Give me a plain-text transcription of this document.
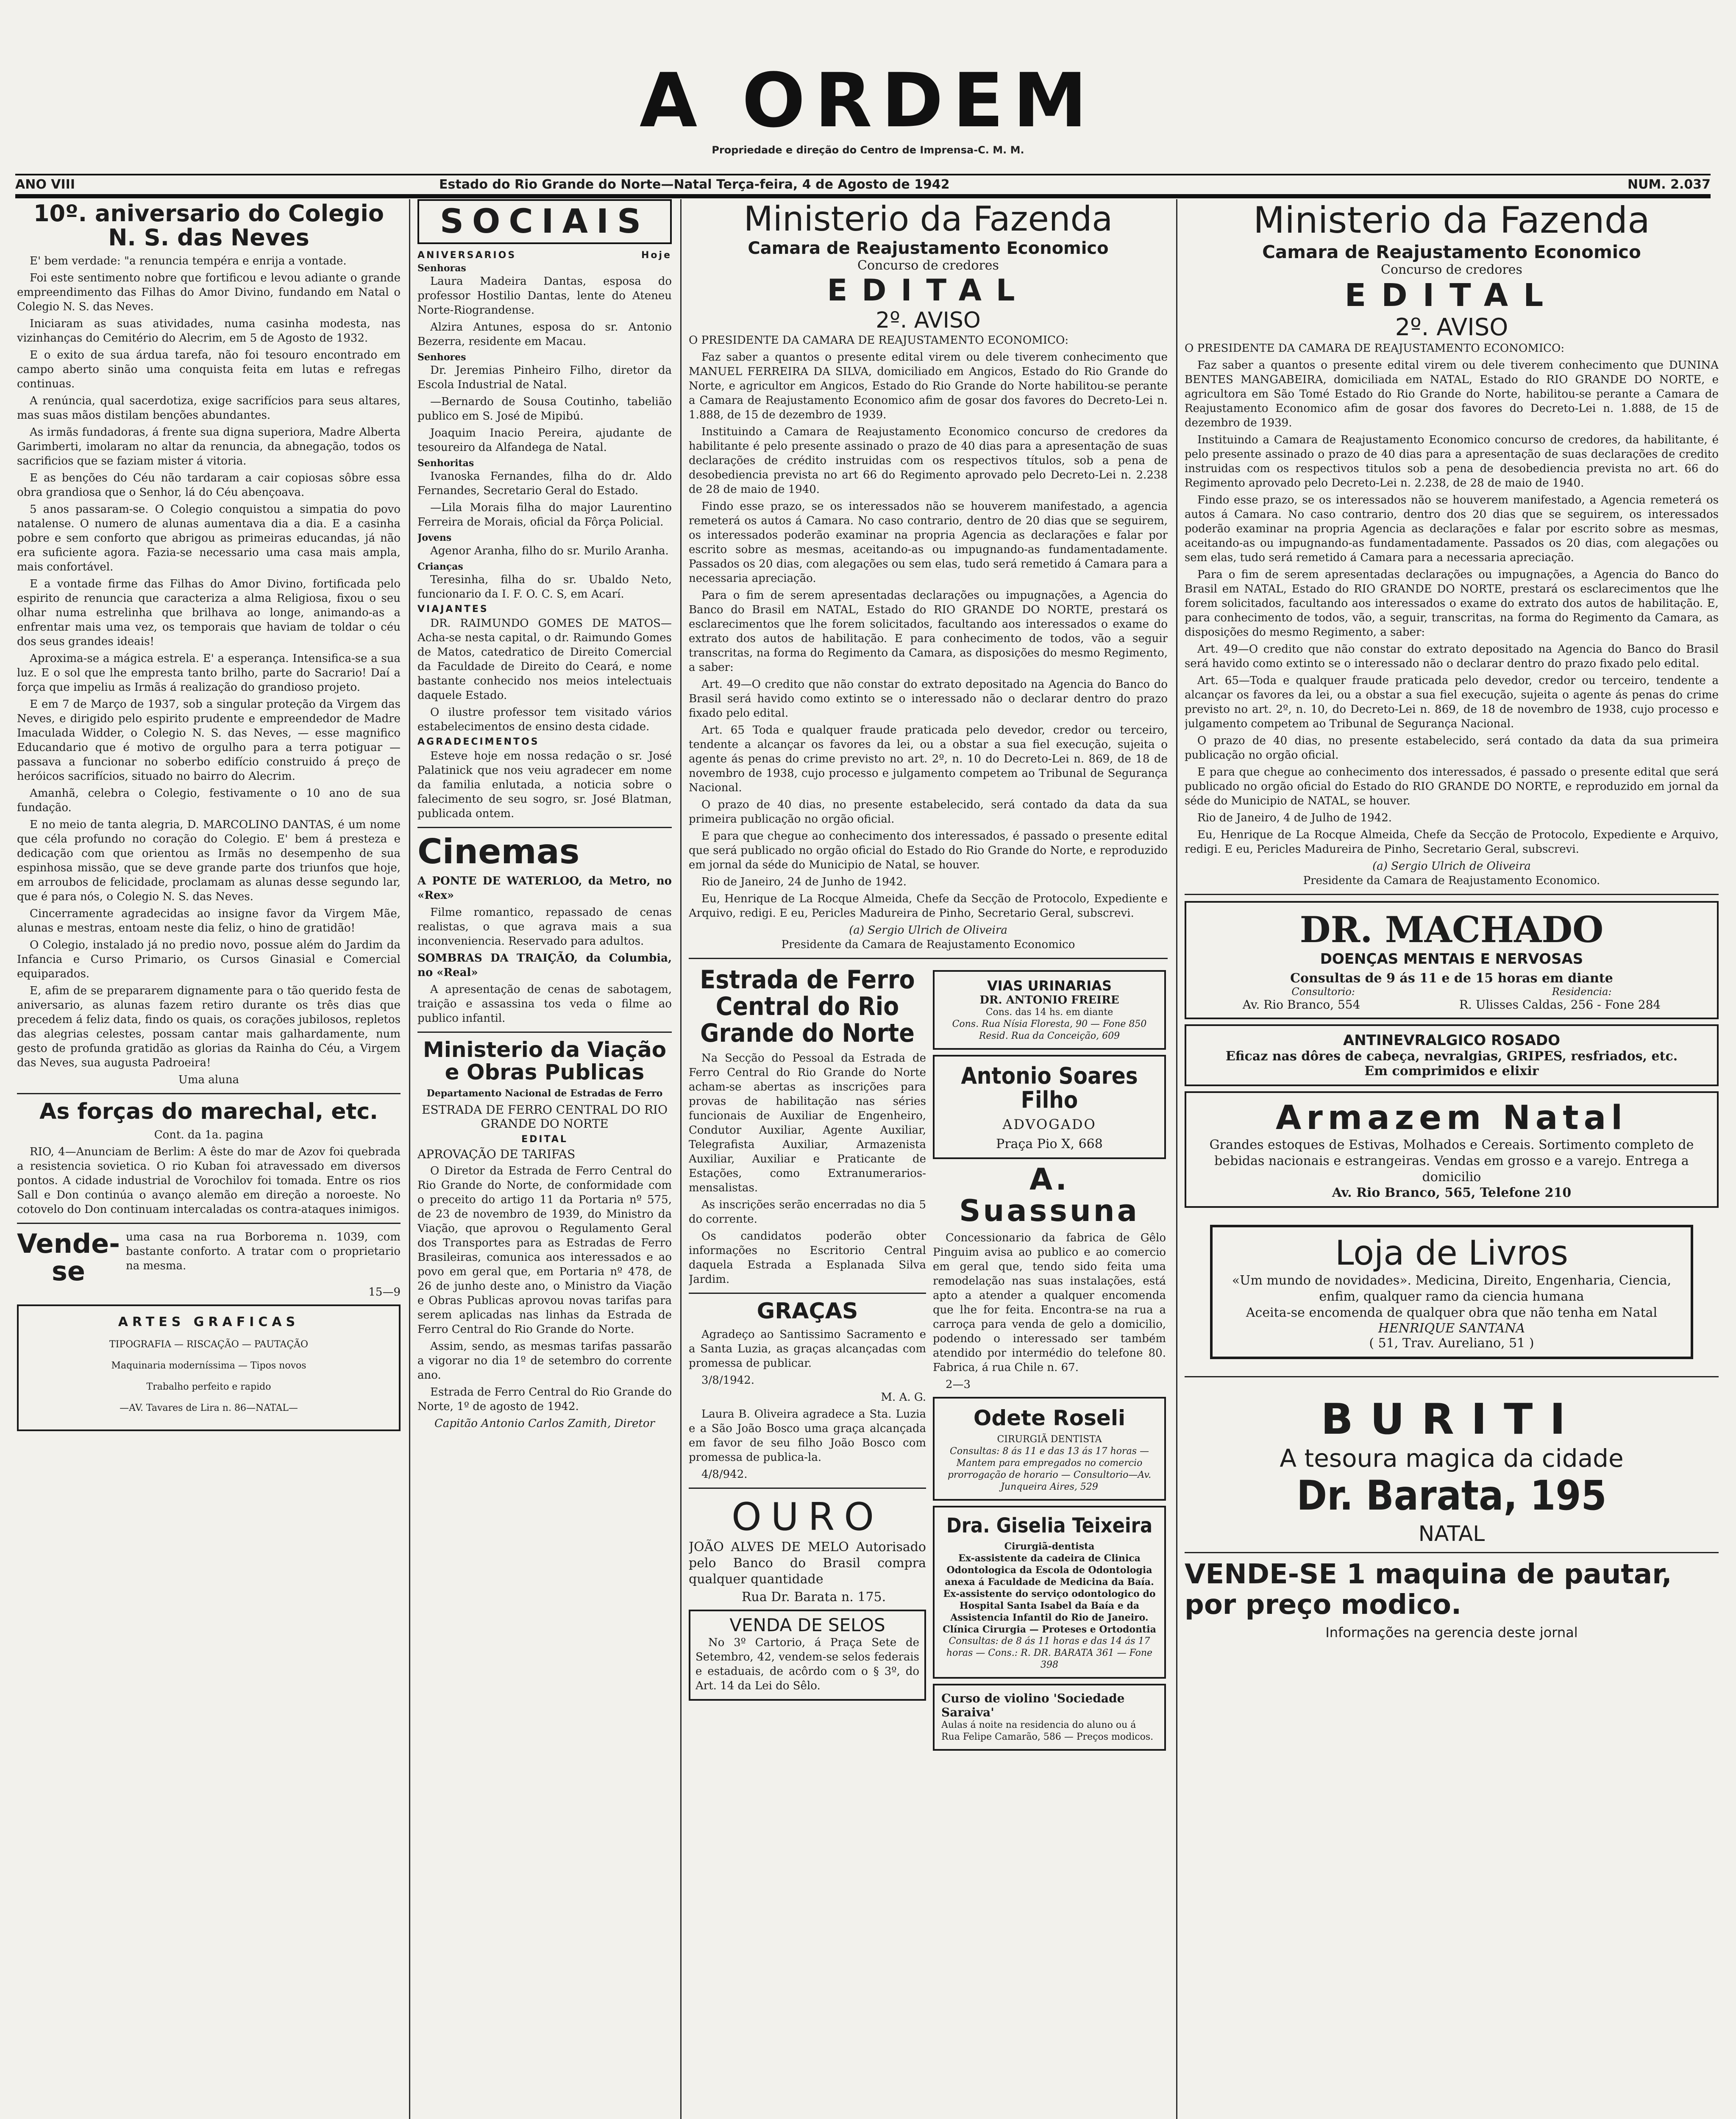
A ORDEM
Propriedade e direção do Centro de Imprensa-C. M. M.
ANO VIII	Estado do Rio Grande do Norte—Natal Terça-feira, 4 de Agosto de 1942	NUM. 2.037
10º. aniversario do Colegio N. S. das Neves

E' bem verdade: "a renuncia tempéra e enrija a vontade.

Foi este sentimento nobre que fortificou e levou adiante o grande empreendimento das Filhas do Amor Divino, fundando em Natal o Colegio N. S. das Neves.

Iniciaram as suas atividades, numa casinha modesta, nas vizinhanças do Cemitério do Alecrim, em 5 de Agosto de 1932.

E o exito de sua árdua tarefa, não foi tesouro encontrado em campo aberto sinão uma conquista feita em lutas e refregas continuas.

A renúncia, qual sacerdotiza, exige sacrifícios para seus altares, mas suas mãos distilam benções abundantes.

As irmãs fundadoras, á frente sua digna superiora, Madre Alberta Garimberti, imolaram no altar da renuncia, da abnegação, todos os sacrificios que se faziam mister á vitoria.

E as benções do Céu não tardaram a cair copiosas sôbre essa obra grandiosa que o Senhor, lá do Céu abençoava.

5 anos passaram-se. O Colegio conquistou a simpatia do povo natalense. O numero de alunas aumentava dia a dia. E a casinha pobre e sem conforto que abrigou as primeiras educandas, já não era suficiente agora. Fazia-se necessario uma casa mais ampla, mais confortável.

E a vontade firme das Filhas do Amor Divino, fortificada pelo espirito de renuncia que caracteriza a alma Religiosa, fixou o seu olhar numa estrelinha que brilhava ao longe, animando-as a enfrentar mais uma vez, os temporais que haviam de toldar o céu dos seus grandes ideais!

Aproxima-se a mágica estrela. E' a esperança. Intensifica-se a sua luz. E o sol que lhe empresta tanto brilho, parte do Sacrario! Daí a força que impeliu as Irmãs á realização do grandioso projeto.

E em 7 de Março de 1937, sob a singular proteção da Virgem das Neves, e dirigido pelo espirito prudente e empreendedor de Madre Imaculada Widder, o Colegio N. S. das Neves, — esse magnifico Educandario que é motivo de orgulho para a terra potiguar — passava a funcionar no soberbo edifício construido á preço de heróicos sacrifícios, situado no bairro do Alecrim.

Amanhã, celebra o Colegio, festivamente o 10 ano de sua fundação.

E no meio de tanta alegria, D. MARCOLINO DANTAS, é um nome que céla profundo no coração do Colegio. E' bem á presteza e dedicação com que orientou as Irmãs no desempenho de sua espinhosa missão, que se deve grande parte dos triunfos que hoje, em arroubos de felicidade, proclamam as alunas desse segundo lar, que é para nós, o Colegio N. S. das Neves.

Cincerramente agradecidas ao insigne favor da Virgem Mãe, alunas e mestras, entoam neste dia feliz, o hino de gratidão!

O Colegio, instalado já no predio novo, possue além do Jardim da Infancia e Curso Primario, os Cursos Ginasial e Comercial equiparados.

E, afim de se prepararem dignamente para o tão querido festa de aniversario, as alunas fazem retiro durante os três dias que precedem á feliz data, findo os quais, os corações jubilosos, repletos das alegrias celestes, possam cantar mais galhardamente, num gesto de profunda gratidão as glorias da Rainha do Céu, a Virgem das Neves, sua augusta Padroeira!

Uma aluna

As forças do marechal, etc.

Cont. da 1a. pagina

RIO, 4—Anunciam de Berlim: A êste do mar de Azov foi quebrada a resistencia sovietica. O rio Kuban foi atravessado em diversos pontos. A cidade industrial de Vorochilov foi tomada. Entre os rios Sall e Don continúa o avanço alemão em direção a noroeste. No cotovelo do Don continuam intercaladas os contra-ataques inimigos.

Vende-se

uma casa na rua Borborema n. 1039, com bastante conforto. A tratar com o proprietario na mesma.

15—9

ARTES GRAFICAS

TIPOGRAFIA — RISCAÇÃO — PAUTAÇÃO

Maquinaria moderníssima — Tipos novos

Trabalho perfeito e rapido

—AV. Tavares de Lira n. 86—NATAL—

SOCIAIS
ANIVERSARIOS	Hoje
Senhoras

Laura Madeira Dantas, esposa do professor Hostilio Dantas, lente do Ateneu Norte-Riograndense.

Alzira Antunes, esposa do sr. Antonio Bezerra, residente em Macau.

Senhores

Dr. Jeremias Pinheiro Filho, diretor da Escola Industrial de Natal.

—Bernardo de Sousa Coutinho, tabelião publico em S. José de Mipibú.

Joaquim Inacio Pereira, ajudante de tesoureiro da Alfandega de Natal.

Senhoritas

Ivanoska Fernandes, filha do dr. Aldo Fernandes, Secretario Geral do Estado.

—Lila Morais filha do major Laurentino Ferreira de Morais, oficial da Fôrça Policial.

Jovens

Agenor Aranha, filho do sr. Murilo Aranha.

Crianças

Teresinha, filha do sr. Ubaldo Neto, funcionario da I. F. O. C. S, em Acarí.

VIAJANTES

DR. RAIMUNDO GOMES DE MATOS—Acha-se nesta capital, o dr. Raimundo Gomes de Matos, catedratico de Direito Comercial da Faculdade de Direito do Ceará, e nome bastante conhecido nos meios intelectuais daquele Estado.

O ilustre professor tem visitado vários estabelecimentos de ensino desta cidade.

AGRADECIMENTOS

Esteve hoje em nossa redação o sr. José Palatinick que nos veiu agradecer em nome da familia enlutada, a noticia sobre o falecimento de seu sogro, sr. José Blatman, publicada ontem.

Cinemas

A PONTE DE WATERLOO, da Metro, no «Rex»

Filme romantico, repassado de cenas realistas, o que agrava mais a sua inconveniencia. Reservado para adultos.

SOMBRAS DA TRAIÇÃO, da Columbia, no «Real»

A apresentação de cenas de sabotagem, traição e assassina tos veda o filme ao publico infantil.

Ministerio da Viação e Obras Publicas
Departamento Nacional de Estradas de Ferro
ESTRADA DE FERRO CENTRAL DO RIO GRANDE DO NORTE
EDITAL
APROVAÇÃO DE TARIFAS

O Diretor da Estrada de Ferro Central do Rio Grande do Norte, de conformidade com o preceito do artigo 11 da Portaria nº 575, de 23 de novembro de 1939, do Ministro da Viação, que aprovou o Regulamento Geral dos Transportes para as Estradas de Ferro Brasileiras, comunica aos interessados e ao povo em geral que, em Portaria nº 478, de 26 de junho deste ano, o Ministro da Viação e Obras Publicas aprovou novas tarifas para serem aplicadas nas linhas da Estrada de Ferro Central do Rio Grande do Norte.

Assim, sendo, as mesmas tarifas passarão a vigorar no dia 1º de setembro do corrente ano.

Estrada de Ferro Central do Rio Grande do Norte, 1º de agosto de 1942.

Capitão Antonio Carlos Zamith, Diretor

Ministerio da Fazenda
Camara de Reajustamento Economico
Concurso de credores
EDITAL
2º. AVISO

O PRESIDENTE DA CAMARA DE REAJUSTAMENTO ECONOMICO:

Faz saber a quantos o presente edital virem ou dele tiverem conhecimento que MANUEL FERREIRA DA SILVA, domiciliado em Angicos, Estado do Rio Grande do Norte, e agricultor em Angicos, Estado do Rio Grande do Norte habilitou-se perante a Camara de Reajustamento Economico afim de gosar dos favores do Decreto-Lei n. 1.888, de 15 de dezembro de 1939.

Instituindo a Camara de Reajustamento Economico concurso de credores da habilitante é pelo presente assinado o prazo de 40 dias para a apresentação de suas declarações de crédito instruidas com os respectivos títulos, sob a pena de desobediencia prevista no art 66 do Regimento aprovado pelo Decreto-Lei n. 2.238 de 28 de maio de 1940.

Findo esse prazo, se os interessados não se houverem manifestado, a agencia remeterá os autos á Camara. No caso contrario, dentro de 20 dias que se seguirem, os interessados poderão examinar na propria Agencia as declarações e falar por escrito sobre as mesmas, aceitando-as ou impugnando-as fundamentadamente. Passados os 20 dias, com alegações ou sem elas, tudo será remetido á Camara para a necessaria apreciação.

Para o fim de serem apresentadas declarações ou impugnações, a Agencia do Banco do Brasil em NATAL, Estado do RIO GRANDE DO NORTE, prestará os esclarecimentos que lhe forem solicitados, facultando aos interessados o exame do extrato dos autos de habilitação. E para conhecimento de todos, vão a seguir transcritas, na forma do Regimento da Camara, as disposições do mesmo Regimento, a saber:

Art. 49—O credito que não constar do extrato depositado na Agencia do Banco do Brasil será havido como extinto se o interessado não o declarar dentro do prazo fixado pelo edital.

Art. 65 Toda e qualquer fraude praticada pelo devedor, credor ou terceiro, tendente a alcançar os favores da lei, ou a obstar a sua fiel execução, sujeita o agente ás penas do crime previsto no art. 2º, n. 10 do Decreto-Lei n. 869, de 18 de novembro de 1938, cujo processo e julgamento competem ao Tribunal de Segurança Nacional.

O prazo de 40 dias, no presente estabelecido, será contado da data da sua primeira publicação no orgão oficial.

E para que chegue ao conhecimento dos interessados, é passado o presente edital que será publicado no orgão oficial do Estado do Rio Grande do Norte, e reproduzido em jornal da séde do Municipio de Natal, se houver.

Rio de Janeiro, 24 de Junho de 1942.

Eu, Henrique de La Rocque Almeida, Chefe da Secção de Protocolo, Expediente e Arquivo, redigi. E eu, Pericles Madureira de Pinho, Secretario Geral, subscrevi.

(a) Sergio Ulrich de Oliveira

Presidente da Camara de Reajustamento Economico

Estrada de Ferro Central do Rio Grande do Norte

Na Secção do Pessoal da Estrada de Ferro Central do Rio Grande do Norte acham-se abertas as inscrições para provas de habilitação nas séries funcionais de Auxiliar de Engenheiro, Condutor Auxiliar, Agente Auxiliar, Telegrafista Auxiliar, Armazenista Auxiliar, Auxiliar e Praticante de Estações, como Extranumerarios-mensalistas.

As inscrições serão encerradas no dia 5 do corrente.

Os candidatos poderão obter informações no Escritorio Central daquela Estrada a Esplanada Silva Jardim.

GRAÇAS

Agradeço ao Santissimo Sacramento e a Santa Luzia, as graças alcançadas com promessa de publicar.

3/8/1942.

M. A. G.

Laura B. Oliveira agradece a Sta. Luzia e a São João Bosco uma graça alcançada em favor de seu filho João Bosco com promessa de publica-la.

4/8/942.

OURO

JOÃO ALVES DE MELO Autorisado pelo Banco do Brasil compra qualquer quantidade

Rua Dr. Barata n. 175.

VENDA DE SELOS

No 3º Cartorio, á Praça Sete de Setembro, 42, vendem-se selos federais e estaduais, de acôrdo com o § 3º, do Art. 14 da Lei do Sêlo.

VIAS URINARIAS
DR. ANTONIO FREIRE
Cons. das 14 hs. em diante
Cons. Rua Nísia Floresta, 90 — Fone 850
Resid. Rua da Conceição, 609
Antonio Soares Filho
ADVOGADO
Praça Pio X, 668
A. Suassuna

Concessionario da fabrica de Gêlo Pinguim avisa ao publico e ao comercio em geral que, tendo sido feita uma remodelação nas suas instalações, está apto a atender a qualquer encomenda que lhe for feita. Encontra-se na rua a carroça para venda de gelo a domicilio, podendo o interessado ser também atendido por intermédio do telefone 80. Fabrica, á rua Chile n. 67.

2—3

Odete Roseli
CIRURGIÃ DENTISTA
Consultas: 8 ás 11 e das 13 ás 17 horas — Mantem para empregados no comercio prorrogação de horario — Consultorio—Av. Junqueira Aires, 529
Dra. Giselia Teixeira
Cirurgiã-dentista
Ex-assistente da cadeira de Clinica Odontologica da Escola de Odontologia anexa á Faculdade de Medicina da Baía. Ex-assistente do serviço odontologico do Hospital Santa Isabel da Baía e da Assistencia Infantil do Rio de Janeiro. Clínica Cirurgia — Proteses e Ortodontia
Consultas: de 8 ás 11 horas e das 14 ás 17 horas — Cons.: R. DR. BARATA 361 — Fone 398
Curso de violino 'Sociedade Saraiva'
Aulas á noite na residencia do aluno ou á Rua Felipe Camarão, 586 — Preços modicos.
Ministerio da Fazenda
Camara de Reajustamento Economico
Concurso de credores
EDITAL
2º. AVISO

O PRESIDENTE DA CAMARA DE REAJUSTAMENTO ECONOMICO:

Faz saber a quantos o presente edital virem ou dele tiverem conhecimento que DUNINA BENTES MANGABEIRA, domiciliada em NATAL, Estado do RIO GRANDE DO NORTE, e agricultora em São Tomé Estado do Rio Grande do Norte, habilitou-se perante a Camara de Reajustamento Economico afim de gosar dos favores do Decreto-Lei n. 1.888, de 15 de dezembro de 1939.

Instituindo a Camara de Reajustamento Economico concurso de credores, da habilitante, é pelo presente assinado o prazo de 40 dias para a apresentação de suas declarações de credito instruidas com os respectivos titulos sob a pena de desobediencia prevista no art. 66 do Regimento aprovado pelo Decreto-Lei n. 2.238, de 28 de maio de 1940.

Findo esse prazo, se os interessados não se houverem manifestado, a Agencia remeterá os autos á Camara. No caso contrario, dentro dos 20 dias que se seguirem, os interessados poderão examinar na propria Agencia as declarações e falar por escrito sobre as mesmas, aceitando-as ou impugnando-as fundamentadamente. Passados os 20 dias, com alegações ou sem elas, tudo será remetido á Camara para a necessaria apreciação.

Para o fim de serem apresentadas declarações ou impugnações, a Agencia do Banco do Brasil em NATAL, Estado do RIO GRANDE DO NORTE, prestará os esclarecimentos que lhe forem solicitados, facultando aos interessados o exame do extrato dos autos de habilitação. E, para conhecimento de todos, vão, a seguir, transcritas, na forma do Regimento da Camara, as disposições do mesmo Regimento, a saber:

Art. 49—O credito que não constar do extrato depositado na Agencia do Banco do Brasil será havido como extinto se o interessado não o declarar dentro do prazo fixado pelo edital.

Art. 65—Toda e qualquer fraude praticada pelo devedor, credor ou terceiro, tendente a alcançar os favores da lei, ou a obstar a sua fiel execução, sujeita o agente ás penas do crime previsto no art. 2º, n. 10, do Decreto-Lei n. 869, de 18 de novembro de 1938, cujo processo e julgamento competem ao Tribunal de Segurança Nacional.

O prazo de 40 dias, no presente estabelecido, será contado da data da sua primeira publicação no orgão oficial.

E para que chegue ao conhecimento dos interessados, é passado o presente edital que será publicado no orgão oficial do Estado do RIO GRANDE DO NORTE, e reproduzido em jornal da séde do Municipio de NATAL, se houver.

Rio de Janeiro, 4 de Julho de 1942.

Eu, Henrique de La Rocque Almeida, Chefe da Secção de Protocolo, Expediente e Arquivo, redigi. E eu, Pericles Madureira de Pinho, Secretario Geral, subscrevi.

(a) Sergio Ulrich de Oliveira

Presidente da Camara de Reajustamento Economico.

DR. MACHADO
DOENÇAS MENTAIS E NERVOSAS
Consultas de 9 ás 11 e de 15 horas em diante
Consultorio:	Residencia:
Av. Rio Branco, 554	R. Ulisses Caldas, 256 - Fone 284
ANTINEVRALGICO ROSADO
Eficaz nas dôres de cabeça, nevralgias, GRIPES, resfriados, etc.
Em comprimidos e elixir
Armazem Natal
Grandes estoques de Estivas, Molhados e Cereais. Sortimento completo de bebidas nacionais e estrangeiras. Vendas em grosso e a varejo. Entrega a domicilio
Av. Rio Branco, 565, Telefone 210
Loja de Livros
«Um mundo de novidades». Medicina, Direito, Engenharia, Ciencia, enfim, qualquer ramo da ciencia humana
Aceita-se encomenda de qualquer obra que não tenha em Natal
HENRIQUE SANTANA
( 51, Trav. Aureliano, 51 )
BURITI
A tesoura magica da cidade
Dr. Barata, 195
NATAL
VENDE-SE 1 maquina de pautar, por preço modico.
Informações na gerencia deste jornal
